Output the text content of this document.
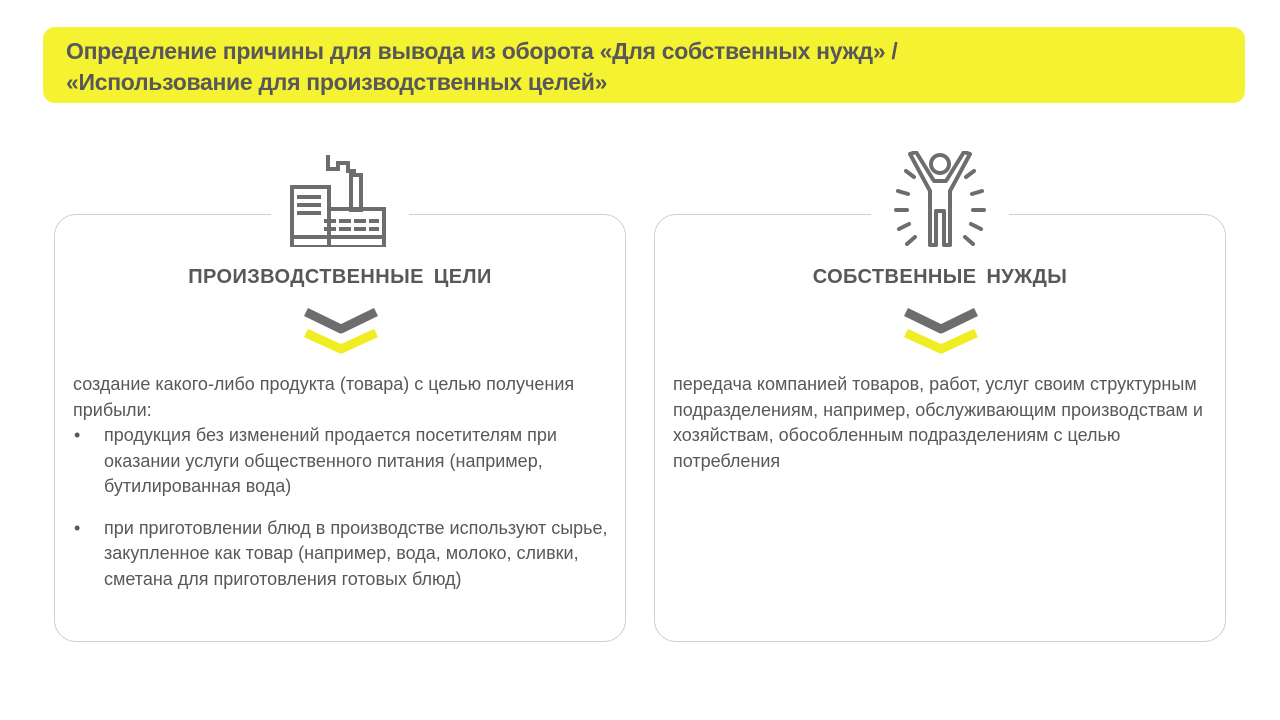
Определение причины для вывода из оборота «Для собственных нужд» /
«Использование для производственных целей»
ПРОИЗВОДСТВЕННЫЕ ЦЕЛИ

создание какого-либо продукта (товара) с целью получения прибыли:

• продукция без изменений продается посетителям при оказании услуги общественного питания (например, бутилированная вода)
• при приготовлении блюд в производстве используют сырье, закупленное как товар (например, вода, молоко, сливки, сметана для приготовления готовых блюд)
СОБСТВЕННЫЕ НУЖДЫ

передача компанией товаров, работ, услуг своим структурным подразделениям, например, обслуживающим производствам и хозяйствам, обособленным подразделениям с целью потребления
